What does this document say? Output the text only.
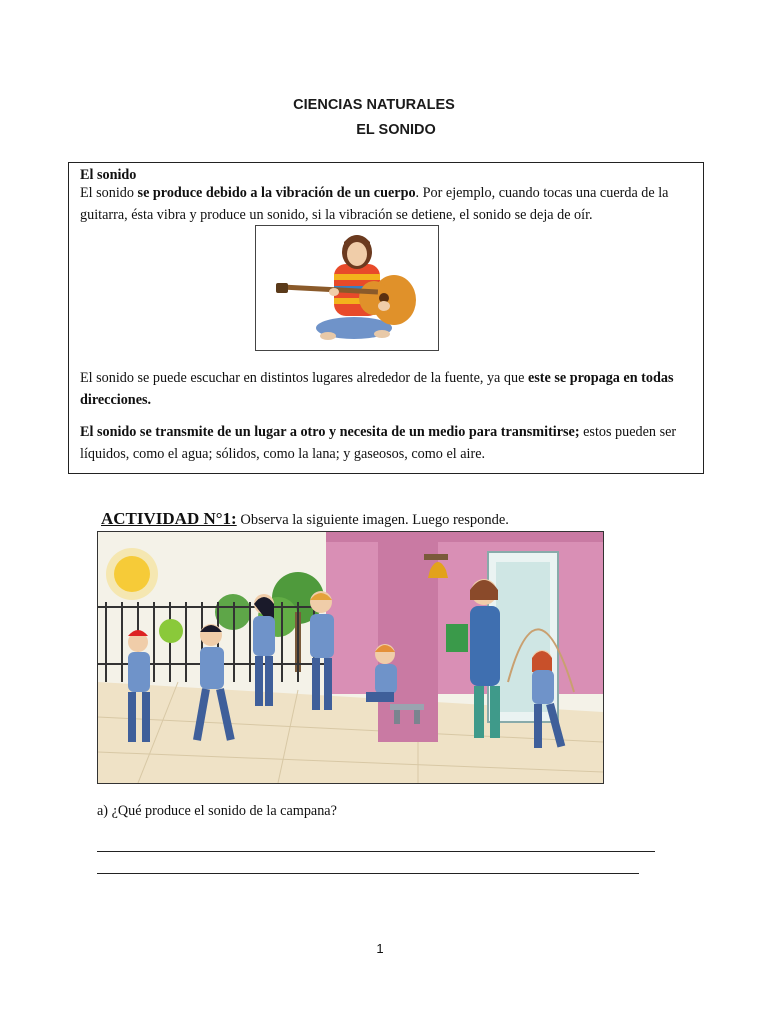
CIENCIAS NATURALES
EL SONIDO

El sonido

El sonido se produce debido a la vibración de un cuerpo. Por ejemplo, cuando tocas una cuerda de la guitarra, ésta vibra y produce un sonido, si la vibración se detiene, el sonido se deja de oír.

El sonido se puede escuchar en distintos lugares alrededor de la fuente, ya que este se propaga en todas direcciones.

El sonido se transmite de un lugar a otro y necesita de un medio para transmitirse; estos pueden ser líquidos, como el agua; sólidos, como la lana; y gaseosos, como el aire.

ACTIVIDAD N°1: Observa la siguiente imagen. Luego responde.
a) ¿Qué produce el sonido de la campana?
1
